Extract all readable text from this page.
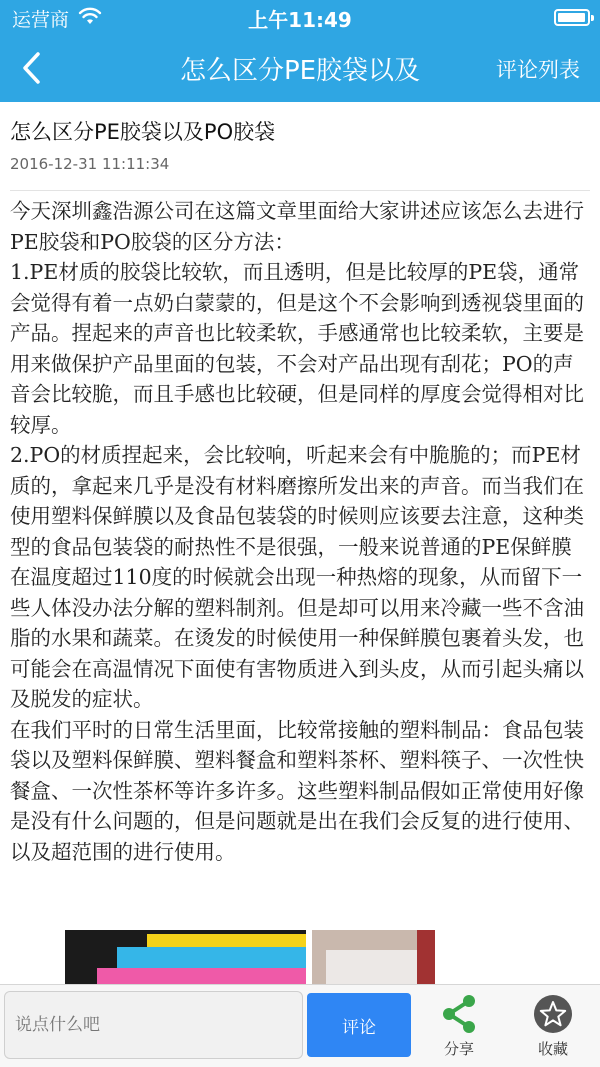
运营商	上午11:49
怎么区分PE胶袋以及	评论列表
怎么区分PE胶袋以及PO胶袋
2016-12-31 11:11:34

今天深圳鑫浩源公司在这篇文章里面给大家讲述应该怎么去进行PE胶袋和PO胶袋的区分方法：

1.PE材质的胶袋比较软，而且透明，但是比较厚的PE袋，通常会觉得有着一点奶白蒙蒙的，但是这个不会影响到透视袋里面的产品。捏起来的声音也比较柔软，手感通常也比较柔软，主要是用来做保护产品里面的包装，不会对产品出现有刮花；PO的声音会比较脆，而且手感也比较硬，但是同样的厚度会觉得相对比较厚。

2.PO的材质捏起来，会比较响，听起来会有中脆脆的；而PE材质的，拿起来几乎是没有材料磨擦所发出来的声音。而当我们在使用塑料保鲜膜以及食品包装袋的时候则应该要去注意，这种类型的食品包装袋的耐热性不是很强，一般来说普通的PE保鲜膜在温度超过110度的时候就会出现一种热熔的现象，从而留下一些人体没办法分解的塑料制剂。但是却可以用来冷藏一些不含油脂的水果和蔬菜。在烫发的时候使用一种保鲜膜包裹着头发，也可能会在高温情况下面使有害物质进入到头皮，从而引起头痛以及脱发的症状。

在我们平时的日常生活里面，比较常接触的塑料制品：食品包装袋以及塑料保鲜膜、塑料餐盒和塑料茶杯、塑料筷子、一次性快餐盒、一次性茶杯等许多许多。这些塑料制品假如正常使用好像是没有什么问题的，但是问题就是出在我们会反复的进行使用、以及超范围的进行使用。

说点什么吧
评论
分享	收藏
